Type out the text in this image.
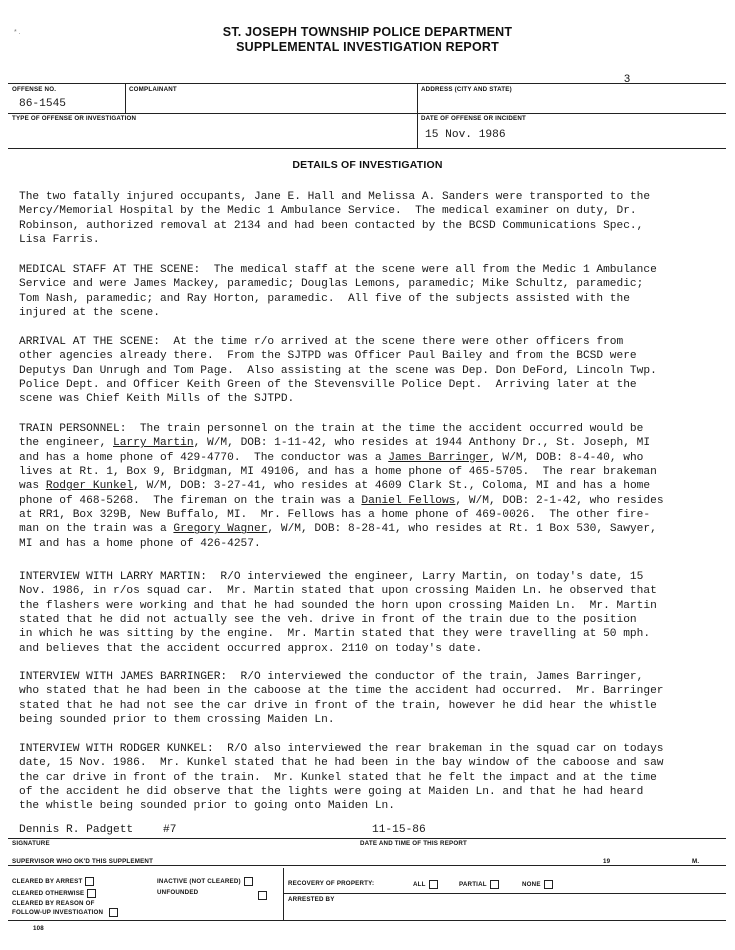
* .	ST. JOSEPH TOWNSHIP POLICE DEPARTMENT
SUPPLEMENTAL INVESTIGATION REPORT
3
OFFENSE NO.	COMPLAINANT	ADDRESS (CITY AND STATE)
86-1545
TYPE OF OFFENSE OR INVESTIGATION	DATE OF OFFENSE OR INCIDENT
15 Nov. 1986
DETAILS OF INVESTIGATION
The two fatally injured occupants, Jane E. Hall and Melissa A. Sanders were transported to the
Mercy/Memorial Hospital by the Medic 1 Ambulance Service.  The medical examiner on duty, Dr.
Robinson, authorized removal at 2134 and had been contacted by the BCSD Communications Spec.,
Lisa Farris.
MEDICAL STAFF AT THE SCENE:  The medical staff at the scene were all from the Medic 1 Ambulance
Service and were James Mackey, paramedic; Douglas Lemons, paramedic; Mike Schultz, paramedic;
Tom Nash, paramedic; and Ray Horton, paramedic.  All five of the subjects assisted with the
injured at the scene.
ARRIVAL AT THE SCENE:  At the time r/o arrived at the scene there were other officers from
other agencies already there.  From the SJTPD was Officer Paul Bailey and from the BCSD were
Deputys Dan Unrugh and Tom Page.  Also assisting at the scene was Dep. Don DeFord, Lincoln Twp.
Police Dept. and Officer Keith Green of the Stevensville Police Dept.  Arriving later at the
scene was Chief Keith Mills of the SJTPD.
TRAIN PERSONNEL:  The train personnel on the train at the time the accident occurred would be
the engineer, Larry Martin, W/M, DOB: 1-11-42, who resides at 1944 Anthony Dr., St. Joseph, MI
and has a home phone of 429-4770.  The conductor was a James Barringer, W/M, DOB: 8-4-40, who
lives at Rt. 1, Box 9, Bridgman, MI 49106, and has a home phone of 465-5705.  The rear brakeman
was Rodger Kunkel, W/M, DOB: 3-27-41, who resides at 4609 Clark St., Coloma, MI and has a home
phone of 468-5268.  The fireman on the train was a Daniel Fellows, W/M, DOB: 2-1-42, who resides
at RR1, Box 329B, New Buffalo, MI.  Mr. Fellows has a home phone of 469-0026.  The other fire-
man on the train was a Gregory Wagner, W/M, DOB: 8-28-41, who resides at Rt. 1 Box 530, Sawyer,
MI and has a home phone of 426-4257.
INTERVIEW WITH LARRY MARTIN:  R/O interviewed the engineer, Larry Martin, on today's date, 15
Nov. 1986, in r/os squad car.  Mr. Martin stated that upon crossing Maiden Ln. he observed that
the flashers were working and that he had sounded the horn upon crossing Maiden Ln.  Mr. Martin
stated that he did not actually see the veh. drive in front of the train due to the position
in which he was sitting by the engine.  Mr. Martin stated that they were travelling at 50 mph.
and believes that the accident occurred approx. 2110 on today's date.
INTERVIEW WITH JAMES BARRINGER:  R/O interviewed the conductor of the train, James Barringer,
who stated that he had been in the caboose at the time the accident had occurred.  Mr. Barringer
stated that he had not see the car drive in front of the train, however he did hear the whistle
being sounded prior to them crossing Maiden Ln.
INTERVIEW WITH RODGER KUNKEL:  R/O also interviewed the rear brakeman in the squad car on todays
date, 15 Nov. 1986.  Mr. Kunkel stated that he had been in the bay window of the caboose and saw
the car drive in front of the train.  Mr. Kunkel stated that he felt the impact and at the time
of the accident he did observe that the lights were going at Maiden Ln. and that he had heard
the whistle being sounded prior to going onto Maiden Ln.
Dennis R. Padgett	#7	11-15-86
SIGNATURE	DATE AND TIME OF THIS REPORT
SUPERVISOR WHO OK'D THIS SUPPLEMENT	19	M.
CLEARED BY ARREST
CLEARED OTHERWISE
CLEARED BY REASON OF
FOLLOW-UP INVESTIGATION
INACTIVE (NOT CLEARED)
UNFOUNDED
RECOVERY OF PROPERTY:	ALL	PARTIAL	NONE
ARRESTED BY
108
